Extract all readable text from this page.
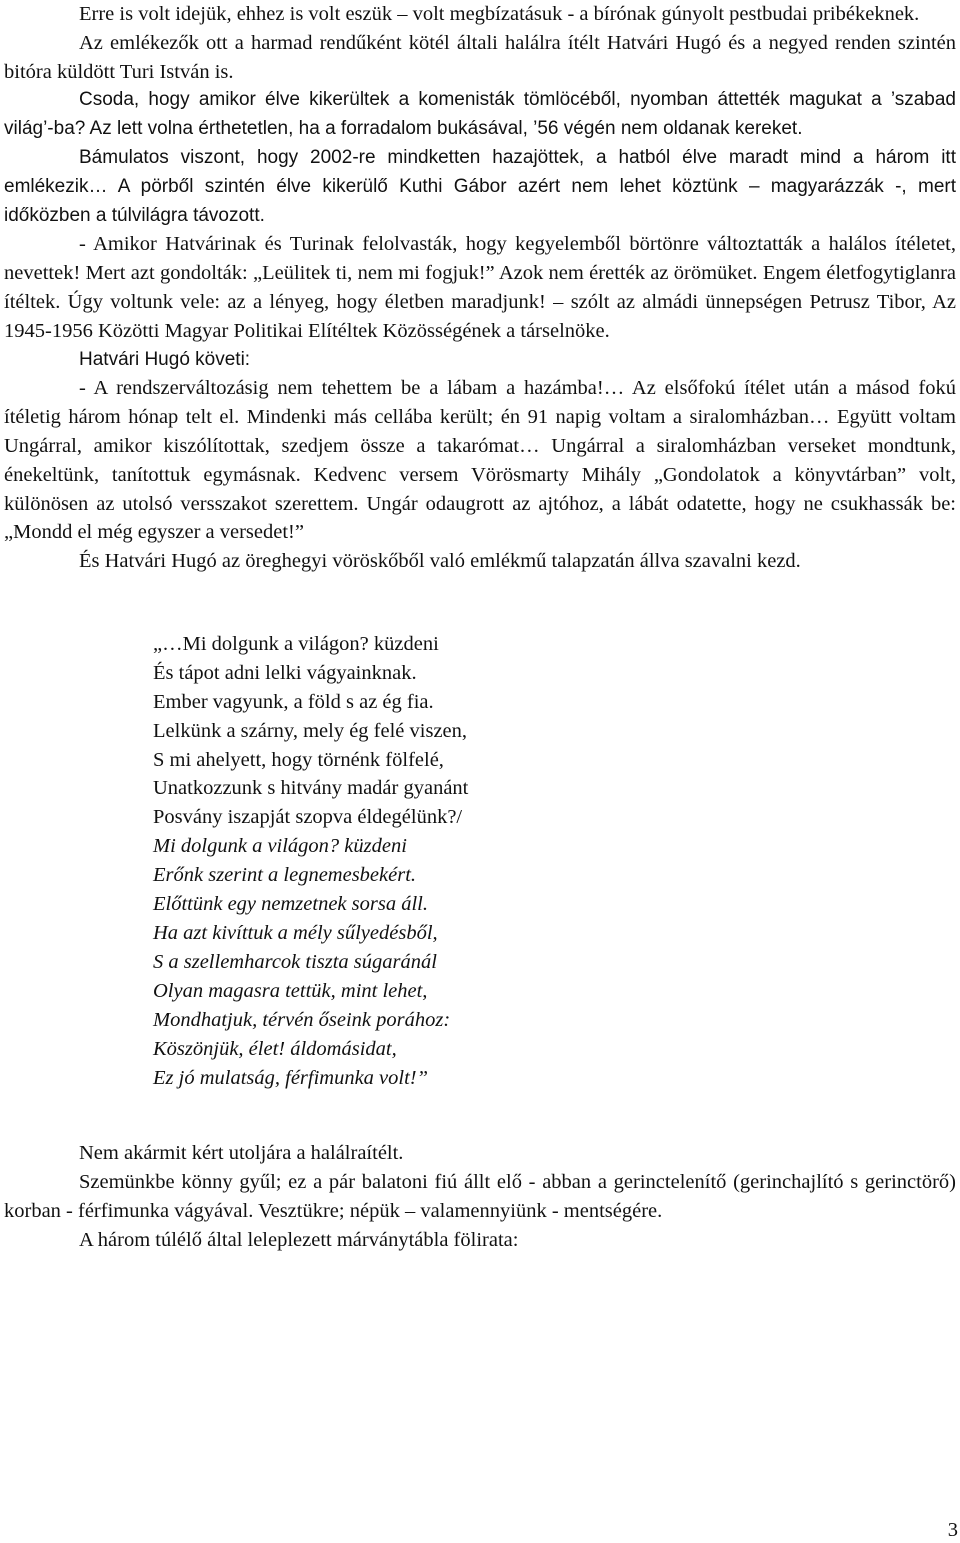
Erre is volt idejük, ehhez is volt eszük – volt megbízatásuk - a bírónak gúnyolt pestbudai pribékeknek.

Az emlékezők ott a harmad rendűként kötél általi halálra ítélt Hatvári Hugó és a negyed renden szintén bitóra küldött Turi István is.

Csoda, hogy amikor élve kikerültek a komenisták tömlöcéből, nyomban áttették magukat a ’szabad világ’-ba? Az lett volna érthetetlen, ha a forradalom bukásával, ’56 végén nem oldanak kereket.

Bámulatos viszont, hogy 2002-re mindketten hazajöttek, a hatból élve maradt mind a három itt emlékezik… A pörből szintén élve kikerülő Kuthi Gábor azért nem lehet köztünk – magyarázzák -, mert időközben a túlvilágra távozott.

- Amikor Hatvárinak és Turinak felolvasták, hogy kegyelemből börtönre változtatták a halálos ítéletet, nevettek! Mert azt gondolták: „Leülitek ti, nem mi fogjuk!” Azok nem érették az örömüket. Engem életfogytiglanra ítéltek. Úgy voltunk vele: az a lényeg, hogy életben maradjunk! – szólt az almádi ünnepségen Petrusz Tibor, Az 1945-1956 Közötti Magyar Politikai Elítéltek Közösségének a társelnöke.

Hatvári Hugó követi:

- A rendszerváltozásig nem tehettem be a lábam a hazámba!… Az elsőfokú ítélet után a másod fokú ítéletig három hónap telt el. Mindenki más cellába került; én 91 napig voltam a siralomházban… Együtt voltam Ungárral, amikor kiszólítottak, szedjem össze a takarómat… Ungárral a siralomházban verseket mondtunk, énekeltünk, tanítottuk egymásnak. Kedvenc versem Vörösmarty Mihály „Gondolatok a könyvtárban” volt, különösen az utolsó versszakot szerettem. Ungár odaugrott az ajtóhoz, a lábát odatette, hogy ne csukhassák be: „Mondd el még egyszer a versedet!”

És Hatvári Hugó az öreghegyi vöröskőből való emlékmű talapzatán állva szavalni kezd.

„…Mi dolgunk a világon? küzdeni
És tápot adni lelki vágyainknak.
Ember vagyunk, a föld s az ég fia.
Lelkünk a szárny, mely ég felé viszen,
S mi ahelyett, hogy törnénk fölfelé,
Unatkozzunk s hitvány madár gyanánt
Posvány iszapját szopva éldegélünk?/
Mi dolgunk a világon? küzdeni
Erőnk szerint a legnemesbekért.
Előttünk egy nemzetnek sorsa áll.
Ha azt kivíttuk a mély sűlyedésből,
S a szellemharcok tiszta súgaránál
Olyan magasra tettük, mint lehet,
Mondhatjuk, térvén őseink porához:
Köszönjük, élet! áldomásidat,
Ez jó mulatság, férfimunka volt!”

Nem akármit kért utoljára a halálraítélt.

Szemünkbe könny gyűl; ez a pár balatoni fiú állt elő - abban a gerinctelenítő (gerinchajlító s gerinctörő) korban - férfimunka vágyával. Vesztükre; népük – valamennyiünk - mentségére.

A három túlélő által leleplezett márványtábla fölirata:

3
